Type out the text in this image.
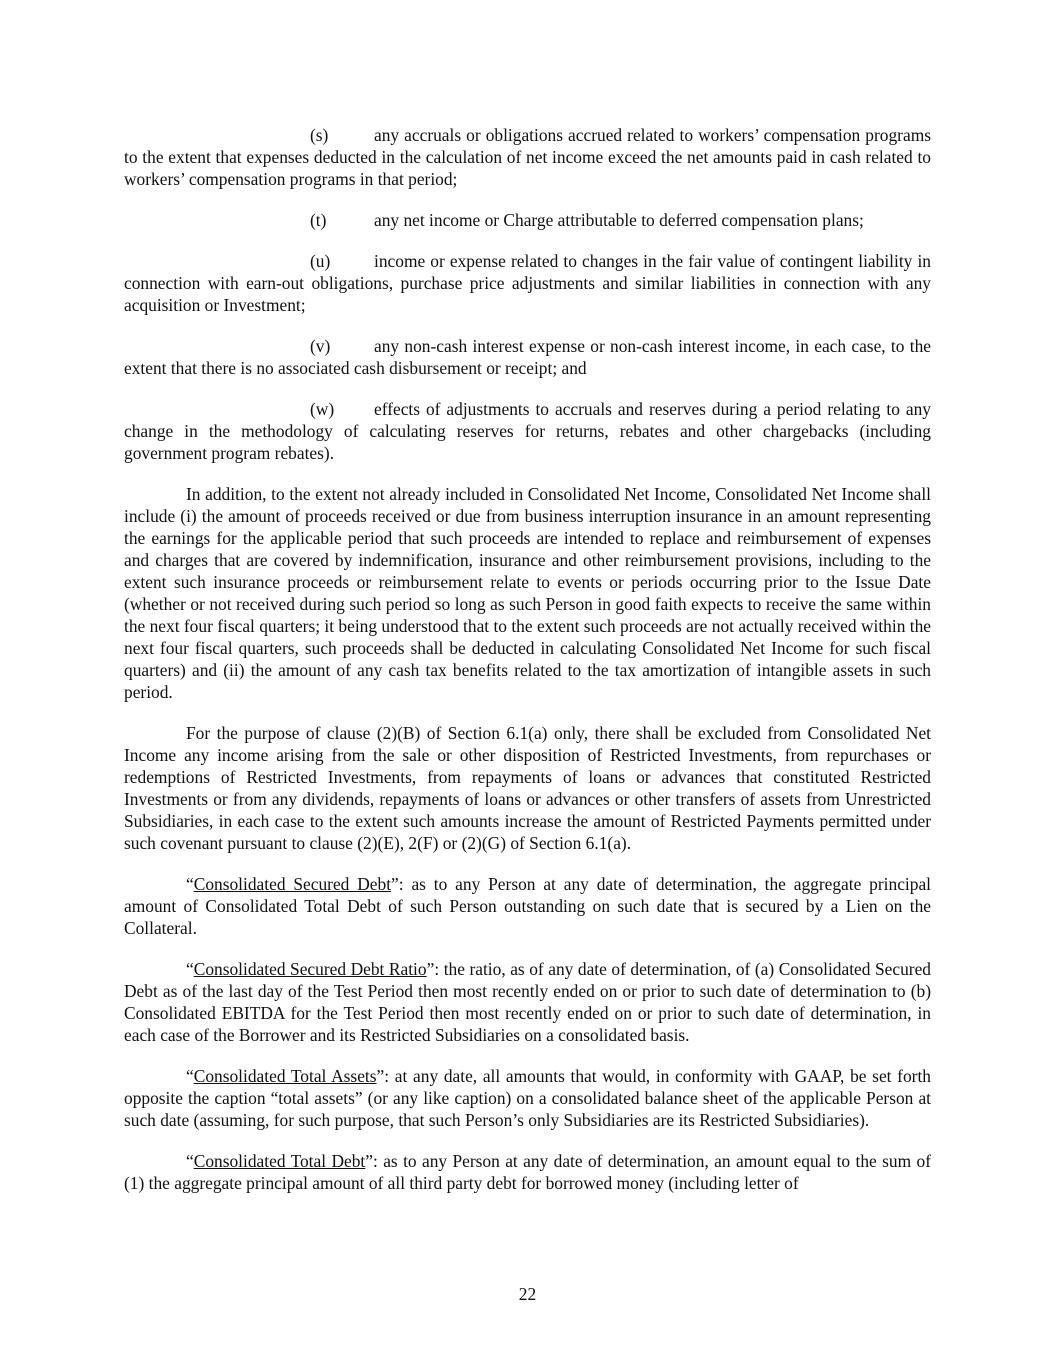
(s)	any accruals or obligations accrued related to workers’ compensation programs to the extent that expenses deducted in the calculation of net income exceed the net amounts paid in cash related to workers’ compensation programs in that period;

(t)	any net income or Charge attributable to deferred compensation plans;

(u)	income or expense related to changes in the fair value of contingent liability in connection with earn-out obligations, purchase price adjustments and similar liabilities in connection with any acquisition or Investment;

(v)	any non-cash interest expense or non-cash interest income, in each case, to the extent that there is no associated cash disbursement or receipt; and

(w) effects of adjustments to accruals and reserves during a period relating to any change in the methodology of calculating reserves for returns, rebates and other chargebacks (including government program rebates).

In addition, to the extent not already included in Consolidated Net Income, Consolidated Net Income shall include (i) the amount of proceeds received or due from business interruption insurance in an amount representing the earnings for the applicable period that such proceeds are intended to replace and reimbursement of expenses and charges that are covered by indemnification, insurance and other reimbursement provisions, including to the extent such insurance proceeds or reimbursement relate to events or periods occurring prior to the Issue Date (whether or not received during such period so long as such Person in good faith expects to receive the same within the next four fiscal quarters; it being understood that to the extent such proceeds are not actually received within the next four fiscal quarters, such proceeds shall be deducted in calculating Consolidated Net Income for such fiscal quarters) and (ii) the amount of any cash tax benefits related to the tax amortization of intangible assets in such period.

For the purpose of clause (2)(B) of Section 6.1(a) only, there shall be excluded from Consolidated Net Income any income arising from the sale or other disposition of Restricted Investments, from repurchases or redemptions of Restricted Investments, from repayments of loans or advances that constituted Restricted Investments or from any dividends, repayments of loans or advances or other transfers of assets from Unrestricted Subsidiaries, in each case to the extent such amounts increase the amount of Restricted Payments permitted under such covenant pursuant to clause (2)(E), 2(F) or (2)(G) of Section 6.1(a).

“Consolidated Secured Debt”: as to any Person at any date of determination, the aggregate principal amount of Consolidated Total Debt of such Person outstanding on such date that is secured by a Lien on the Collateral.

“Consolidated Secured Debt Ratio”: the ratio, as of any date of determination, of (a) Consolidated Secured Debt as of the last day of the Test Period then most recently ended on or prior to such date of determination to (b) Consolidated EBITDA for the Test Period then most recently ended on or prior to such date of determination, in each case of the Borrower and its Restricted Subsidiaries on a consolidated basis.

“Consolidated Total Assets”: at any date, all amounts that would, in conformity with GAAP, be set forth opposite the caption “total assets” (or any like caption) on a consolidated balance sheet of the applicable Person at such date (assuming, for such purpose, that such Person’s only Subsidiaries are its Restricted Subsidiaries).

“Consolidated Total Debt”: as to any Person at any date of determination, an amount equal to the sum of (1) the aggregate principal amount of all third party debt for borrowed money (including letter of

22
